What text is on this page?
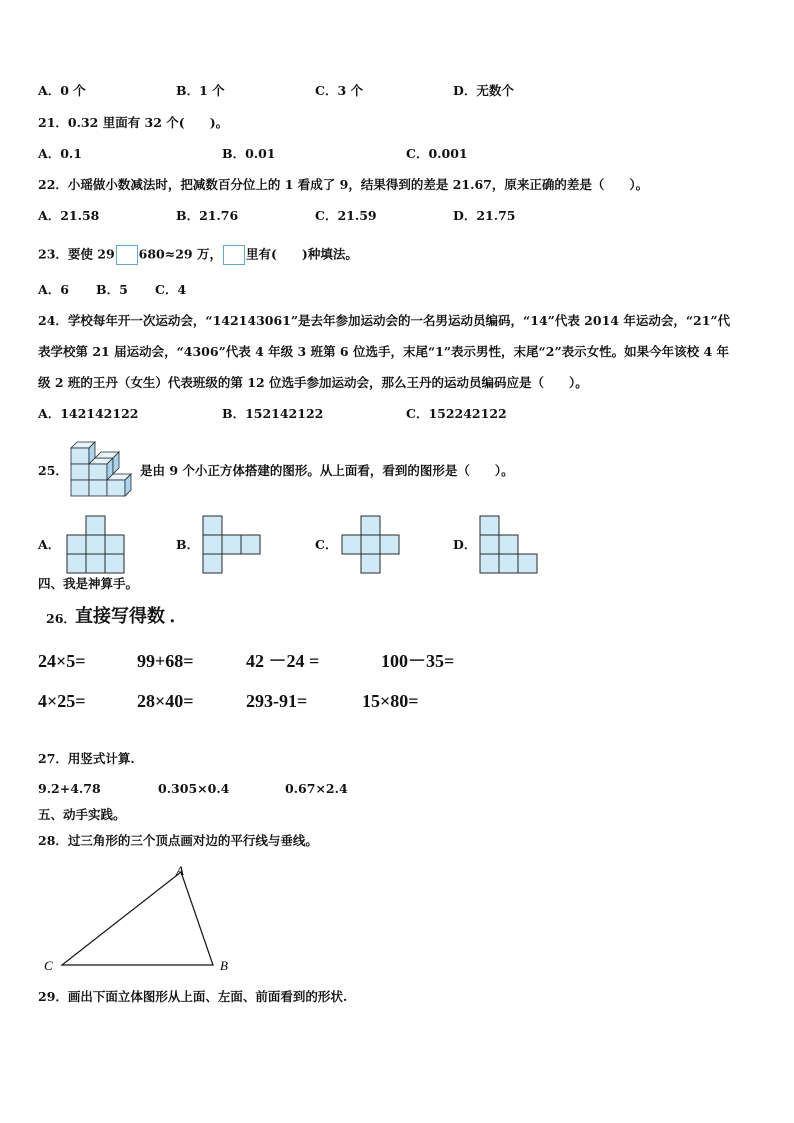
A．0 个	B．1 个	C．3 个	D．无数个
21．0.32 里面有 32 个(　　)。
A．0.1	B．0.01	C．0.001
22．小瑶做小数减法时，把减数百分位上的 1 看成了 9，结果得到的差是 21.67，原来正确的差是（　　）。
A．21.58	B．21.76	C．21.59	D．21.75
23．要使 29 680≈29 万， 里有(　　)种填法。
A．6 B．5 C．4
24．学校每年开一次运动会，“142143061”是去年参加运动会的一名男运动员编码，“14”代表 2014 年运动会，“21”代
表学校第 21 届运动会，“4306”代表 4 年级 3 班第 6 位选手，末尾“1”表示男性，末尾“2”表示女性。如果今年该校 4 年
级 2 班的王丹（女生）代表班级的第 12 位选手参加运动会，那么王丹的运动员编码应是（　　）。
A．142142122	B．152142122	C．152242122
25．	是由 9 个小正方体搭建的图形。从上面看，看到的图形是（　　）。
A．	B．	C．	D．
四、我是神算手。
26． 直接写得数 ．
24×5=	99+68=	42 －24 =	100－35=
4×25=	28×40=	293-91=	15×80=
27．用竖式计算.
9.2+4.78	0.305×0.4	0.67×2.4
五、动手实践。
28．过三角形的三个顶点画对边的平行线与垂线。
A
B
C
29．画出下面立体图形从上面、左面、前面看到的形状.
